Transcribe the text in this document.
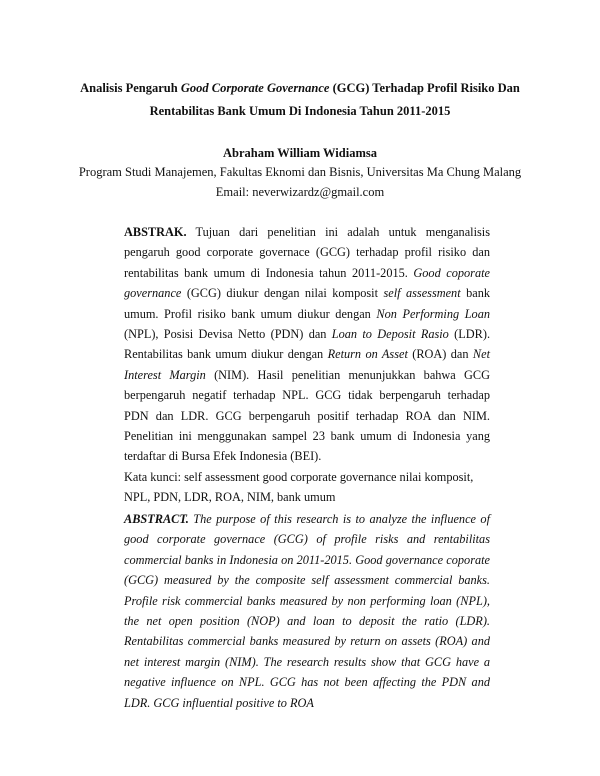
Analisis Pengaruh Good Corporate Governance (GCG) Terhadap Profil Risiko Dan
Rentabilitas Bank Umum Di Indonesia Tahun 2011-2015
Abraham William Widiamsa
Program Studi Manajemen, Fakultas Eknomi dan Bisnis, Universitas Ma Chung Malang
Email: neverwizardz@gmail.com

ABSTRAK. Tujuan dari penelitian ini adalah untuk menganalisis pengaruh good corporate governace (GCG) terhadap profil risiko dan rentabilitas bank umum di Indonesia tahun 2011-2015. Good coporate governance (GCG) diukur dengan nilai komposit self assessment bank umum. Profil risiko bank umum diukur dengan Non Performing Loan (NPL), Posisi Devisa Netto (PDN) dan Loan to Deposit Rasio (LDR). Rentabilitas bank umum diukur dengan Return on Asset (ROA) dan Net Interest Margin (NIM). Hasil penelitian menunjukkan bahwa GCG berpengaruh negatif terhadap NPL. GCG tidak berpengaruh terhadap PDN dan LDR. GCG berpengaruh positif terhadap ROA dan NIM. Penelitian ini menggunakan sampel 23 bank umum di Indonesia yang terdaftar di Bursa Efek Indonesia (BEI).

Kata kunci: self assessment good corporate governance nilai komposit, NPL, PDN, LDR, ROA, NIM, bank umum

ABSTRACT. The purpose of this research is to analyze the influence of good corporate governace (GCG) of profile risks and rentabilitas commercial banks in Indonesia on 2011-2015. Good governance coporate (GCG) measured by the composite self assessment commercial banks. Profile risk commercial banks measured by non performing loan (NPL), the net open position (NOP) and loan to deposit the ratio (LDR). Rentabilitas commercial banks measured by return on assets (ROA) and net interest margin (NIM). The research results show that GCG have a negative influence on NPL. GCG has not been affecting the PDN and LDR. GCG influential positive to ROA
